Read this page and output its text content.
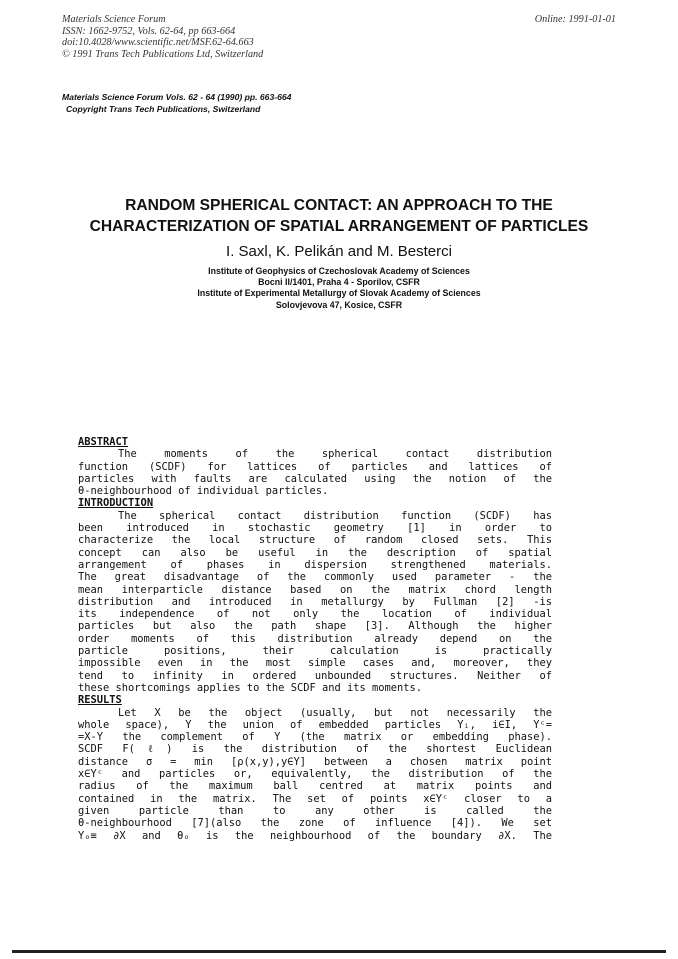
Materials Science Forum
ISSN: 1662-9752, Vols. 62-64, pp 663-664
doi:10.4028/www.scientific.net/MSF.62-64.663
© 1991 Trans Tech Publications Ltd, Switzerland
Online: 1991-01-01
Materials Science Forum Vols. 62 - 64 (1990) pp. 663-664
Copyright Trans Tech Publications, Switzerland
RANDOM SPHERICAL CONTACT: AN APPROACH TO THE
CHARACTERIZATION OF SPATIAL ARRANGEMENT OF PARTICLES
I. Saxl, K. Pelikán and M. Besterci
Institute of Geophysics of Czechoslovak Academy of Sciences
Bocni II/1401, Praha 4 - Sporilov, CSFR
Institute of Experimental Metallurgy of Slovak Academy of Sciences
Solovjevova 47, Kosice, CSFR
ABSTRACT
The moments of the spherical contact distribution
function (SCDF) for lattices of particles and lattices of
particles with faults are calculated using the notion of the
θ-neighbourhood of individual particles.
INTRODUCTION
The spherical contact distribution function (SCDF) has
been introduced in stochastic geometry [1] in order to
characterize the local structure of random closed sets. This
concept can also be useful in the description of spatial
arrangement of phases in dispersion strengthened materials.
The great disadvantage of the commonly used parameter - the
mean interparticle distance based on the matrix chord length
distribution and introduced in metallurgy by Fullman [2] -is
its independence of not only the location of individual
particles but also the path shape [3]. Although the higher
order moments of this distribution already depend on the
particle positions, their calculation is practically
impossible even in the most simple cases and, moreover, they
tend to infinity in ordered unbounded structures. Neither of
these shortcomings applies to the SCDF and its moments.
RESULTS
Let X be the object (usually, but not necessarily the
whole space), Y the union of embedded particles Yᵢ, i∈I, Yᶜ=
=X-Y the complement of Y (the matrix or embedding phase).
SCDF F(ℓ) is the distribution of the shortest Euclidean
distance σ = min [ρ(x,y),y∈Y] between a chosen matrix point
x∈Yᶜ and particles or, equivalently, the distribution of the
radius of the maximum ball centred at matrix points and
contained in the matrix. The set of points x∈Yᶜ closer to a
given particle than to any other is called the
θ-neighbourhood [7](also the zone of influence [4]). We set
Yₒ≡ ∂X and θₒ is the neighbourhood of the boundary ∂X. The
